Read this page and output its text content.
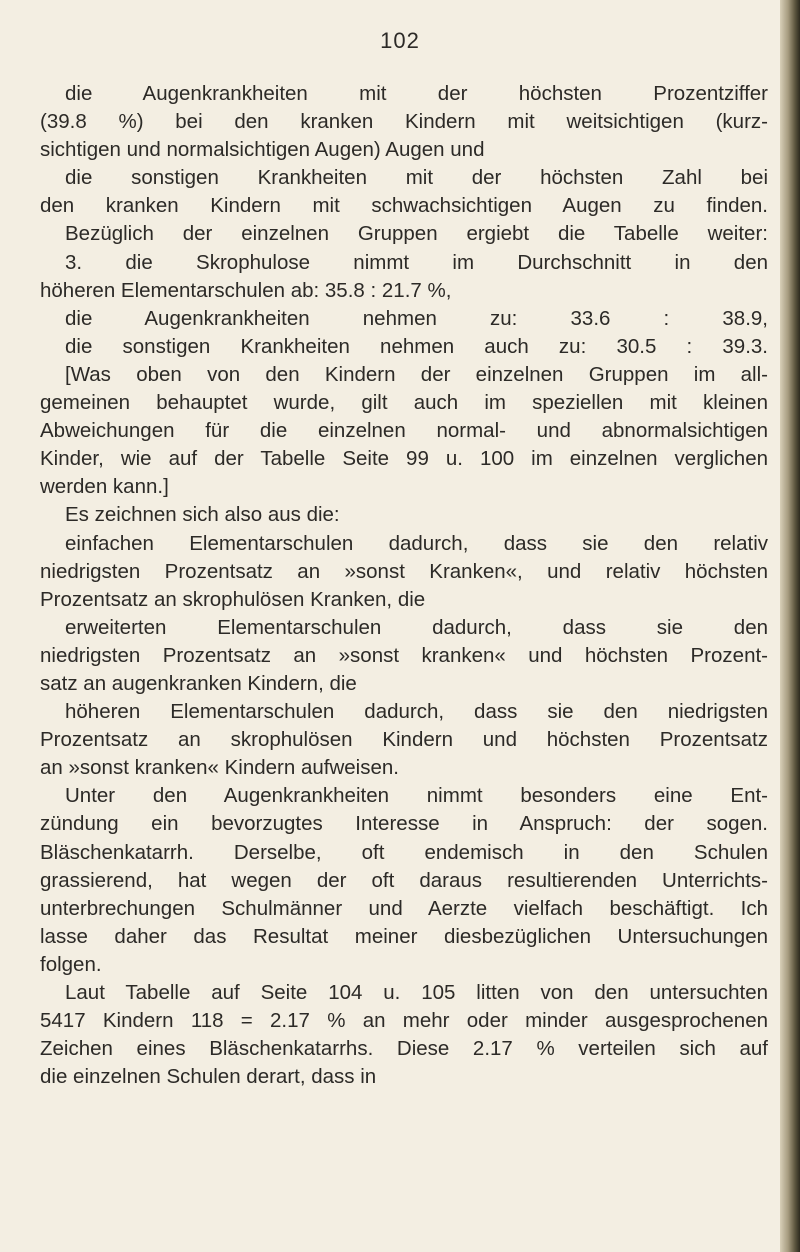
102
die Augenkrankheiten mit der höchsten Prozentziffer
(39.8 %) bei den kranken Kindern mit weitsichtigen (kurz-
sichtigen und normalsichtigen Augen) Augen und
die sonstigen Krankheiten mit der höchsten Zahl bei
den kranken Kindern mit schwachsichtigen Augen zu finden.
Bezüglich der einzelnen Gruppen ergiebt die Tabelle weiter:
3. die Skrophulose nimmt im Durchschnitt in den
höheren Elementarschulen ab: 35.8 : 21.7 %,
die Augenkrankheiten nehmen zu: 33.6 : 38.9,
die sonstigen Krankheiten nehmen auch zu: 30.5 : 39.3.
[Was oben von den Kindern der einzelnen Gruppen im all-
gemeinen behauptet wurde, gilt auch im speziellen mit kleinen
Abweichungen für die einzelnen normal- und abnormalsichtigen
Kinder, wie auf der Tabelle Seite 99 u. 100 im einzelnen verglichen
werden kann.]
Es zeichnen sich also aus die:
einfachen Elementarschulen dadurch, dass sie den relativ
niedrigsten Prozentsatz an »sonst Kranken«, und relativ höchsten
Prozentsatz an skrophulösen Kranken, die
erweiterten Elementarschulen dadurch, dass sie den
niedrigsten Prozentsatz an »sonst kranken« und höchsten Prozent-
satz an augenkranken Kindern, die
höheren Elementarschulen dadurch, dass sie den niedrigsten
Prozentsatz an skrophulösen Kindern und höchsten Prozentsatz
an »sonst kranken« Kindern aufweisen.
Unter den Augenkrankheiten nimmt besonders eine Ent-
zündung ein bevorzugtes Interesse in Anspruch: der sogen.
Bläschenkatarrh. Derselbe, oft endemisch in den Schulen
grassierend, hat wegen der oft daraus resultierenden Unterrichts-
unterbrechungen Schulmänner und Aerzte vielfach beschäftigt. Ich
lasse daher das Resultat meiner diesbezüglichen Untersuchungen
folgen.
Laut Tabelle auf Seite 104 u. 105 litten von den untersuchten
5417 Kindern 118 = 2.17 % an mehr oder minder ausgesprochenen
Zeichen eines Bläschenkatarrhs. Diese 2.17 % verteilen sich auf
die einzelnen Schulen derart, dass in
